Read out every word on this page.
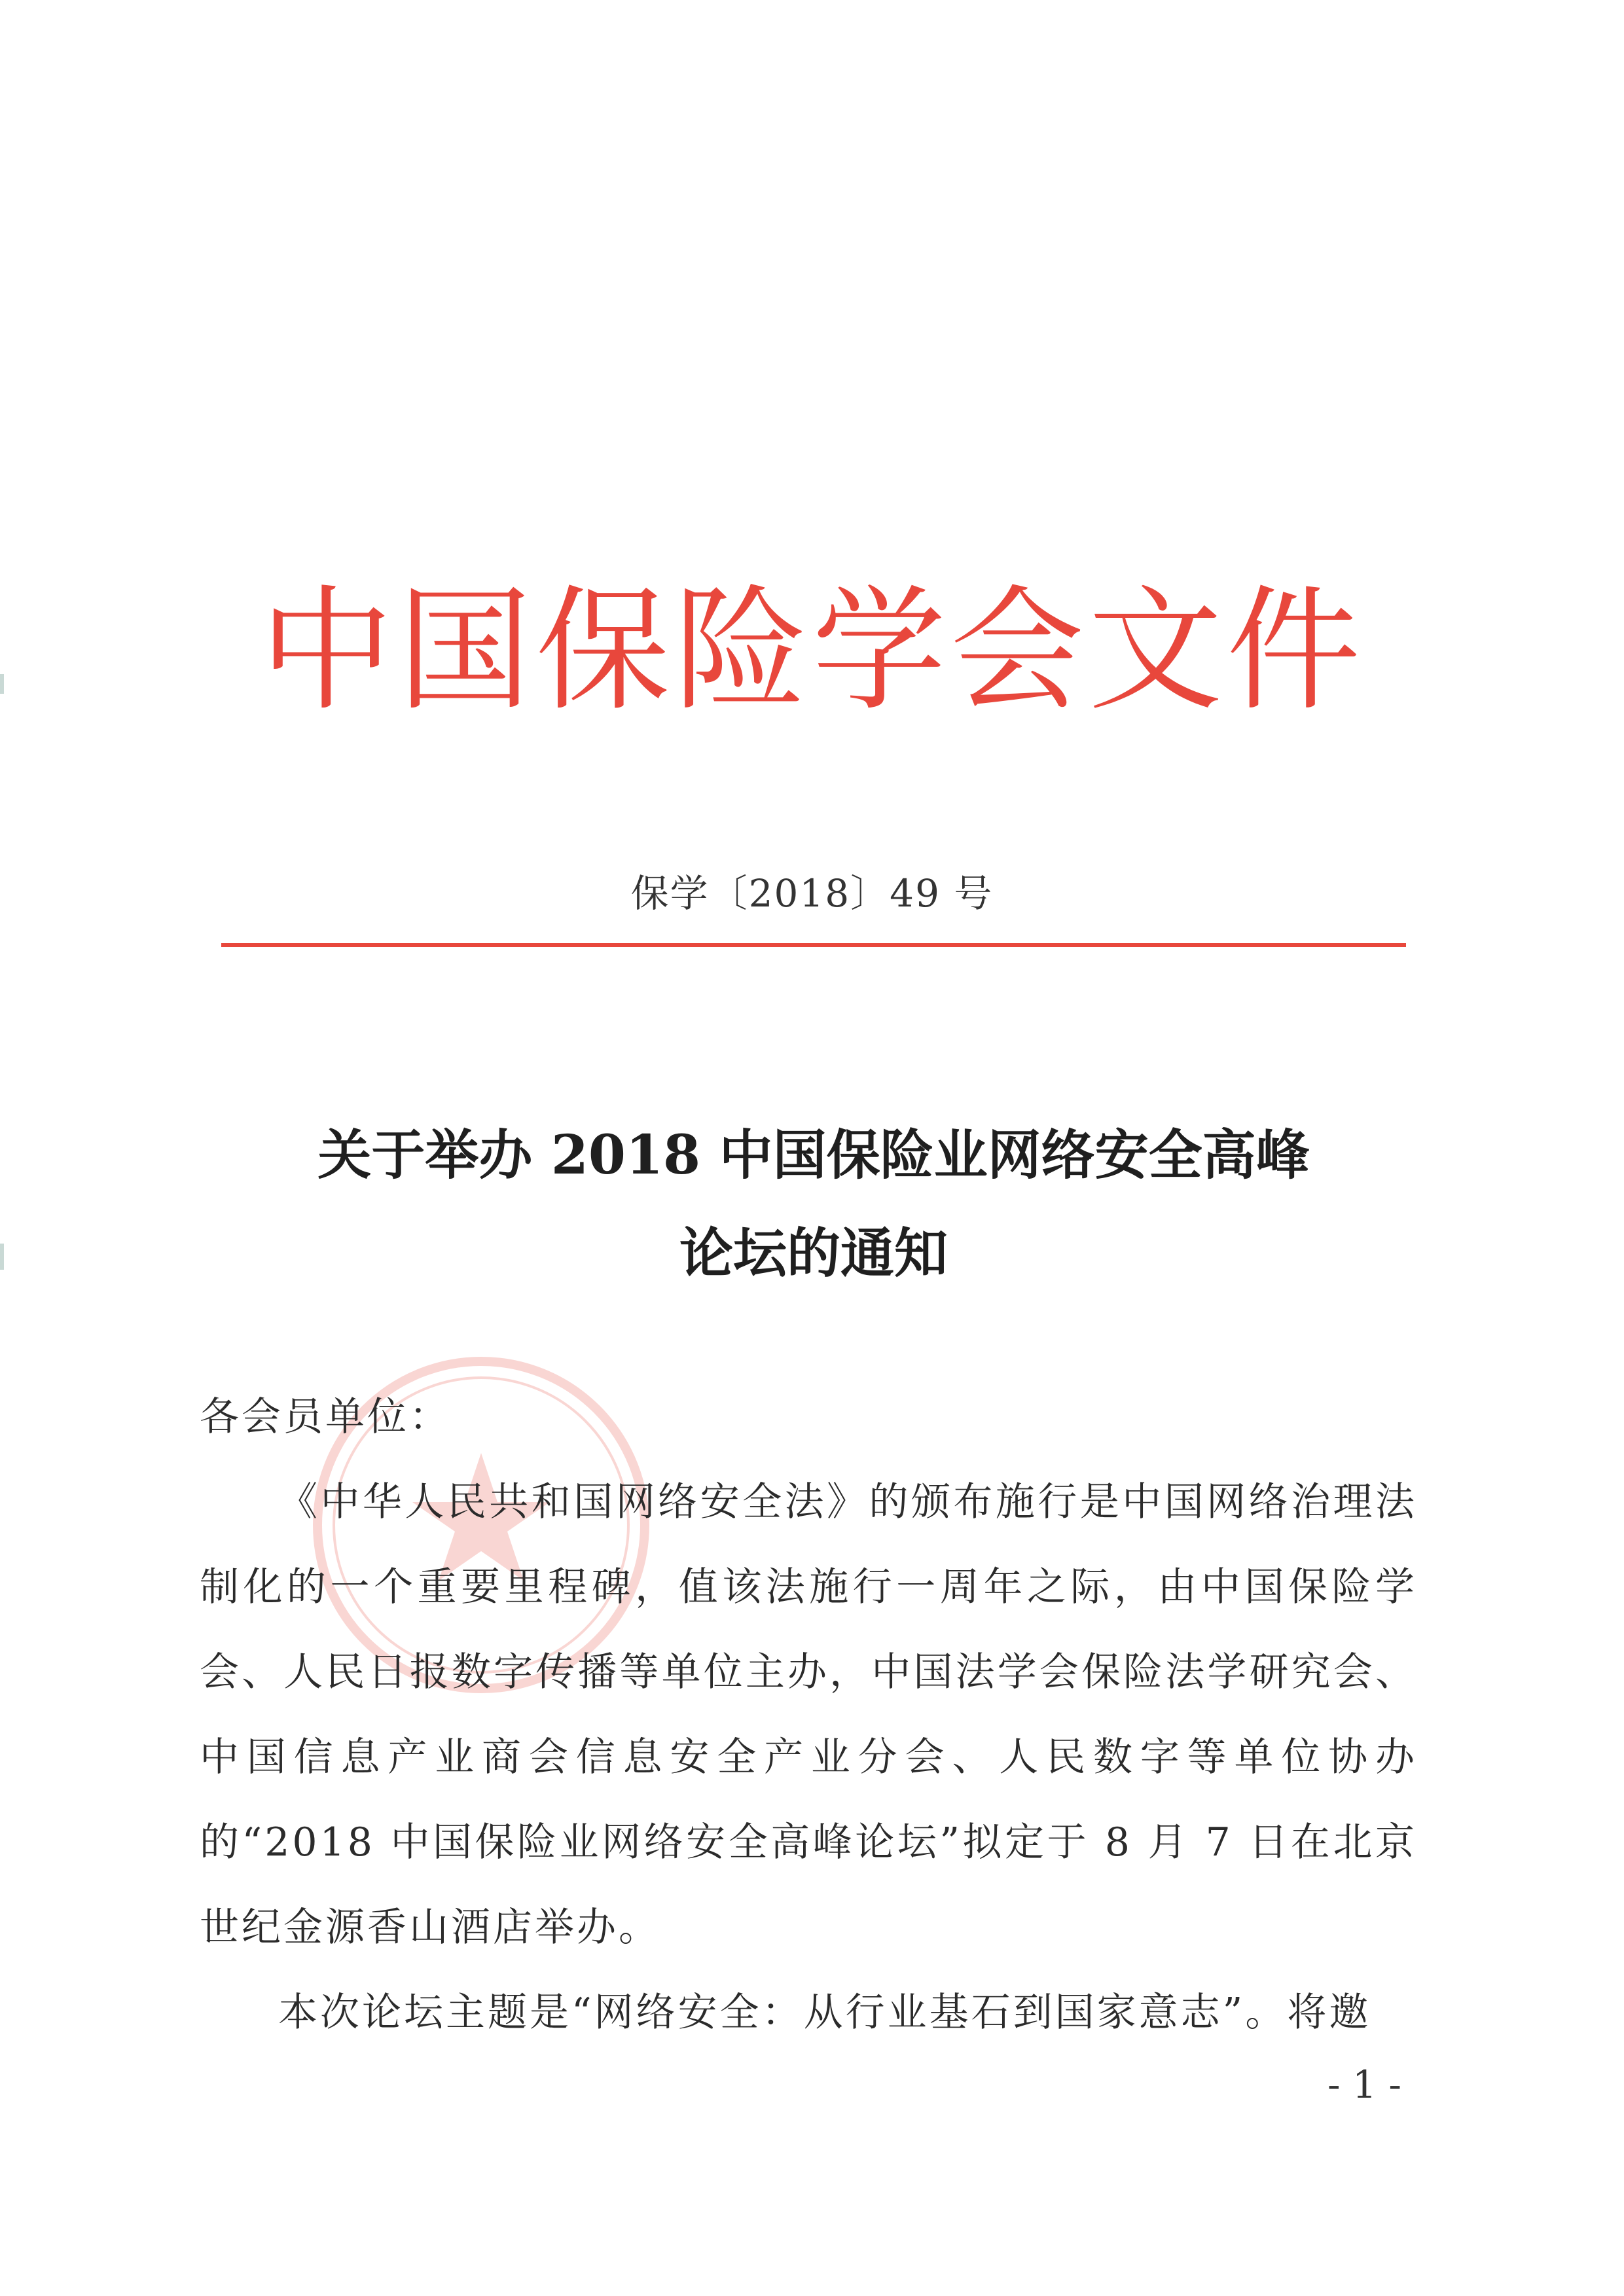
中国保险学会文件
保学〔2018〕49 号
关于举办 2018 中国保险业网络安全高峰
论坛的通知

各会员单位：

《中华人民共和国网络安全法》的颁布施行是中国网络治理法制化的一个重要里程碑，值该法施行一周年之际，由中国保险学会、人民日报数字传播等单位主办，中国法学会保险法学研究会、中国信息产业商会信息安全产业分会、人民数字等单位协办的“2018 中国保险业网络安全高峰论坛”拟定于 8 月 7 日在北京世纪金源香山酒店举办。

本次论坛主题是“网络安全：从行业基石到国家意志”。将邀

- 1 -
